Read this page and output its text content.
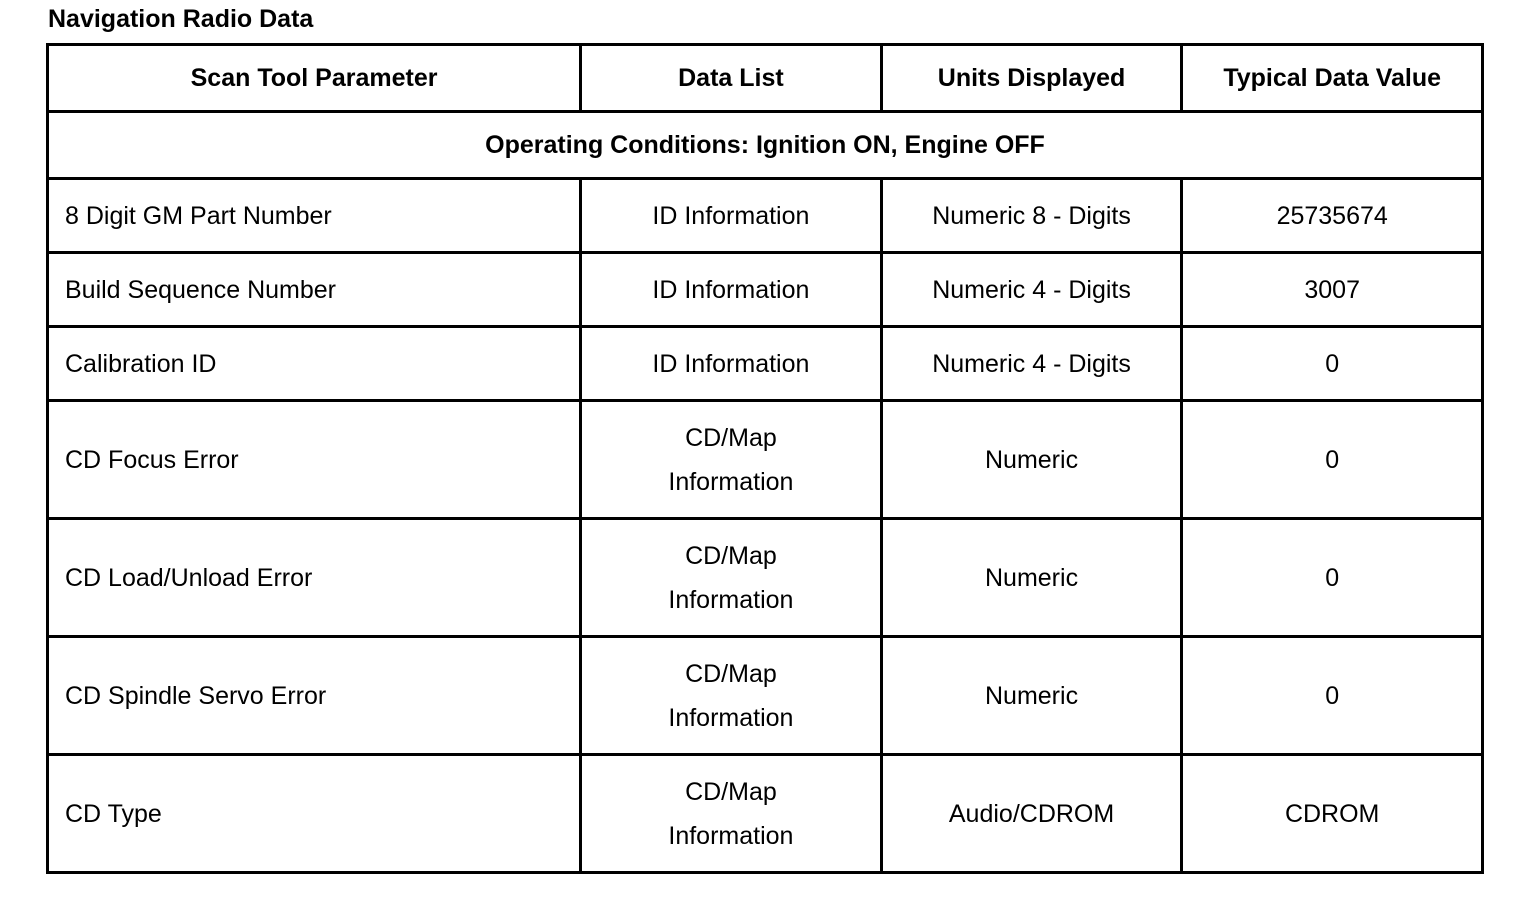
Navigation Radio Data
Scan Tool Parameter	Data List	Units Displayed	Typical Data Value
Operating Conditions: Ignition ON, Engine OFF			
8 Digit GM Part Number	ID Information	Numeric 8 - Digits	25735674
Build Sequence Number	ID Information	Numeric 4 - Digits	3007
Calibration ID	ID Information	Numeric 4 - Digits	0
CD Focus Error	CD/Map Information	Numeric	0
CD Load/Unload Error	CD/Map Information	Numeric	0
CD Spindle Servo Error	CD/Map Information	Numeric	0
CD Type	CD/Map Information	Audio/CDROM	CDROM
